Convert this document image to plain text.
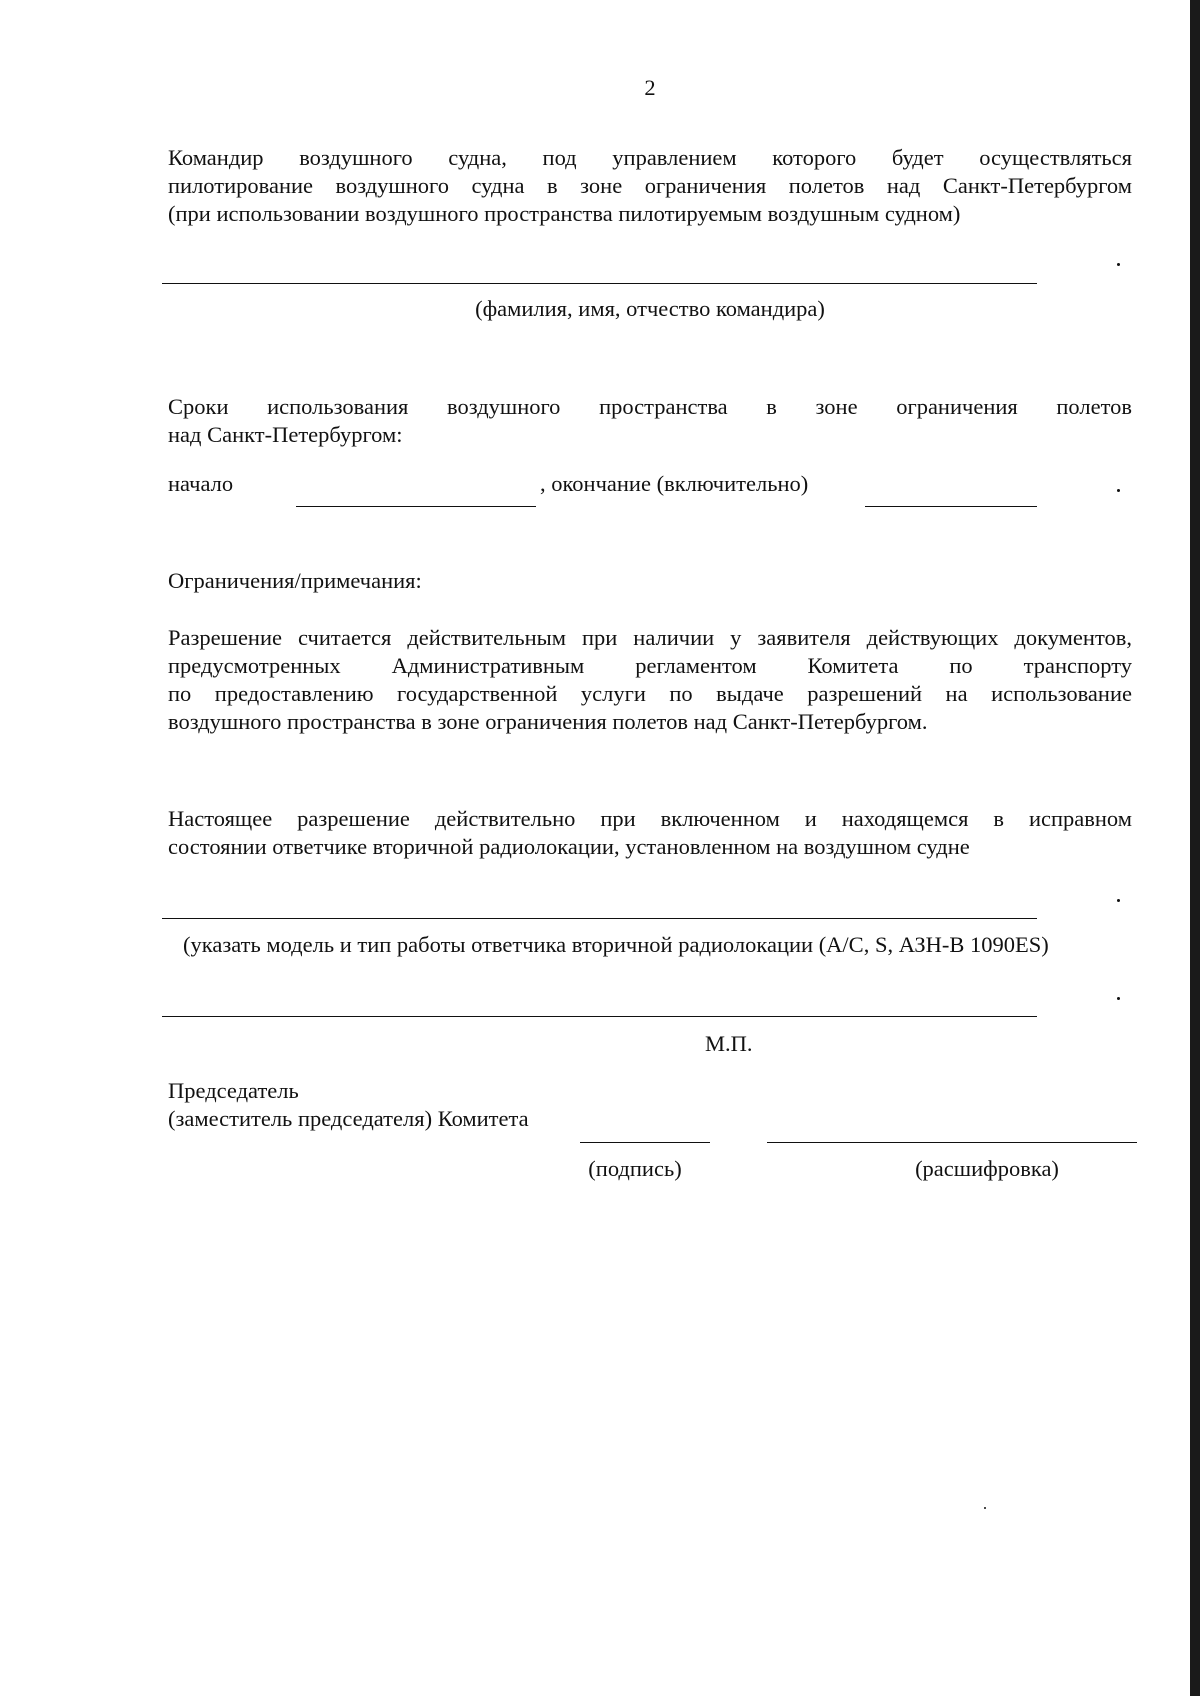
2

Командир воздушного судна, под управлением которого будет осуществляться

пилотирование воздушного судна в зоне ограничения полетов над Санкт-Петербургом

(при использовании воздушного пространства пилотируемым воздушным судном)

(фамилия, имя, отчество командира)

Сроки использования воздушного пространства в зоне ограничения полетов

над Санкт-Петербургом:

начало	, окончание (включительно)
Ограничения/примечания:

Разрешение считается действительным при наличии у заявителя действующих документов,

предусмотренных Административным регламентом Комитета по транспорту

по предоставлению государственной услуги по выдаче разрешений на использование

воздушного пространства в зоне ограничения полетов над Санкт-Петербургом.

Настоящее разрешение действительно при включенном и находящемся в исправном

состоянии ответчике вторичной радиолокации, установленном на воздушном судне

(указать модель и тип работы ответчика вторичной радиолокации (А/С, S, АЗН-В 1090ES)
М.П.
Председатель
(заместитель председателя) Комитета
(подпись)	(расшифровка)
